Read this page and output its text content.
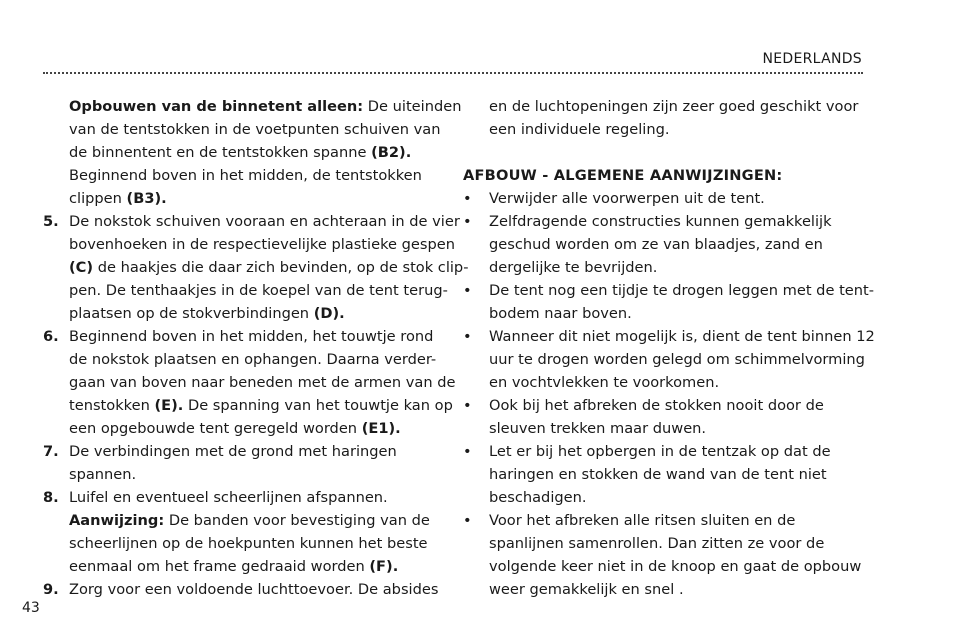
NEDERLANDS
Opbouwen van de binnetent alleen: De uiteinden
van de tentstokken in de voetpunten schuiven van
de binnentent en de tentstokken spanne (B2).
Beginnend boven in het midden, de tentstokken
clippen (B3).
5. De nokstok schuiven vooraan en achteraan in de vier
bovenhoeken in de respectievelijke plastieke gespen
(C) de haakjes die daar zich bevinden, op de stok clip-
pen. De tenthaakjes in de koepel van de tent terug-
plaatsen op de stokverbindingen (D).
6. Beginnend boven in het midden, het touwtje rond
de nokstok plaatsen en ophangen. Daarna verder-
gaan van boven naar beneden met de armen van de
tenstokken (E). De spanning van het touwtje kan op
een opgebouwde tent geregeld worden (E1).
7. De verbindingen met de grond met haringen
spannen.
8. Luifel en eventueel scheerlijnen afspannen.
Aanwijzing: De banden voor bevestiging van de
scheerlijnen op de hoekpunten kunnen het beste
eenmaal om het frame gedraaid worden (F).
9. Zorg voor een voldoende luchttoevoer. De absides
en de luchtopeningen zijn zeer goed geschikt voor
een individuele regeling.
AFBOUW - ALGEMENE AANWIJZINGEN:
• Verwijder alle voorwerpen uit de tent.
• Zelfdragende constructies kunnen gemakkelijk
geschud worden om ze van blaadjes, zand en
dergelijke te bevrijden.
• De tent nog een tijdje te drogen leggen met de tent-
bodem naar boven.
• Wanneer dit niet mogelijk is, dient de tent binnen 12
uur te drogen worden gelegd om schimmelvorming
en vochtvlekken te voorkomen.
• Ook bij het afbreken de stokken nooit door de
sleuven trekken maar duwen.
• Let er bij het opbergen in de tentzak op dat de
haringen en stokken de wand van de tent niet
beschadigen.
• Voor het afbreken alle ritsen sluiten en de
spanlijnen samenrollen. Dan zitten ze voor de
volgende keer niet in de knoop en gaat de opbouw
weer gemakkelijk en snel .
43
